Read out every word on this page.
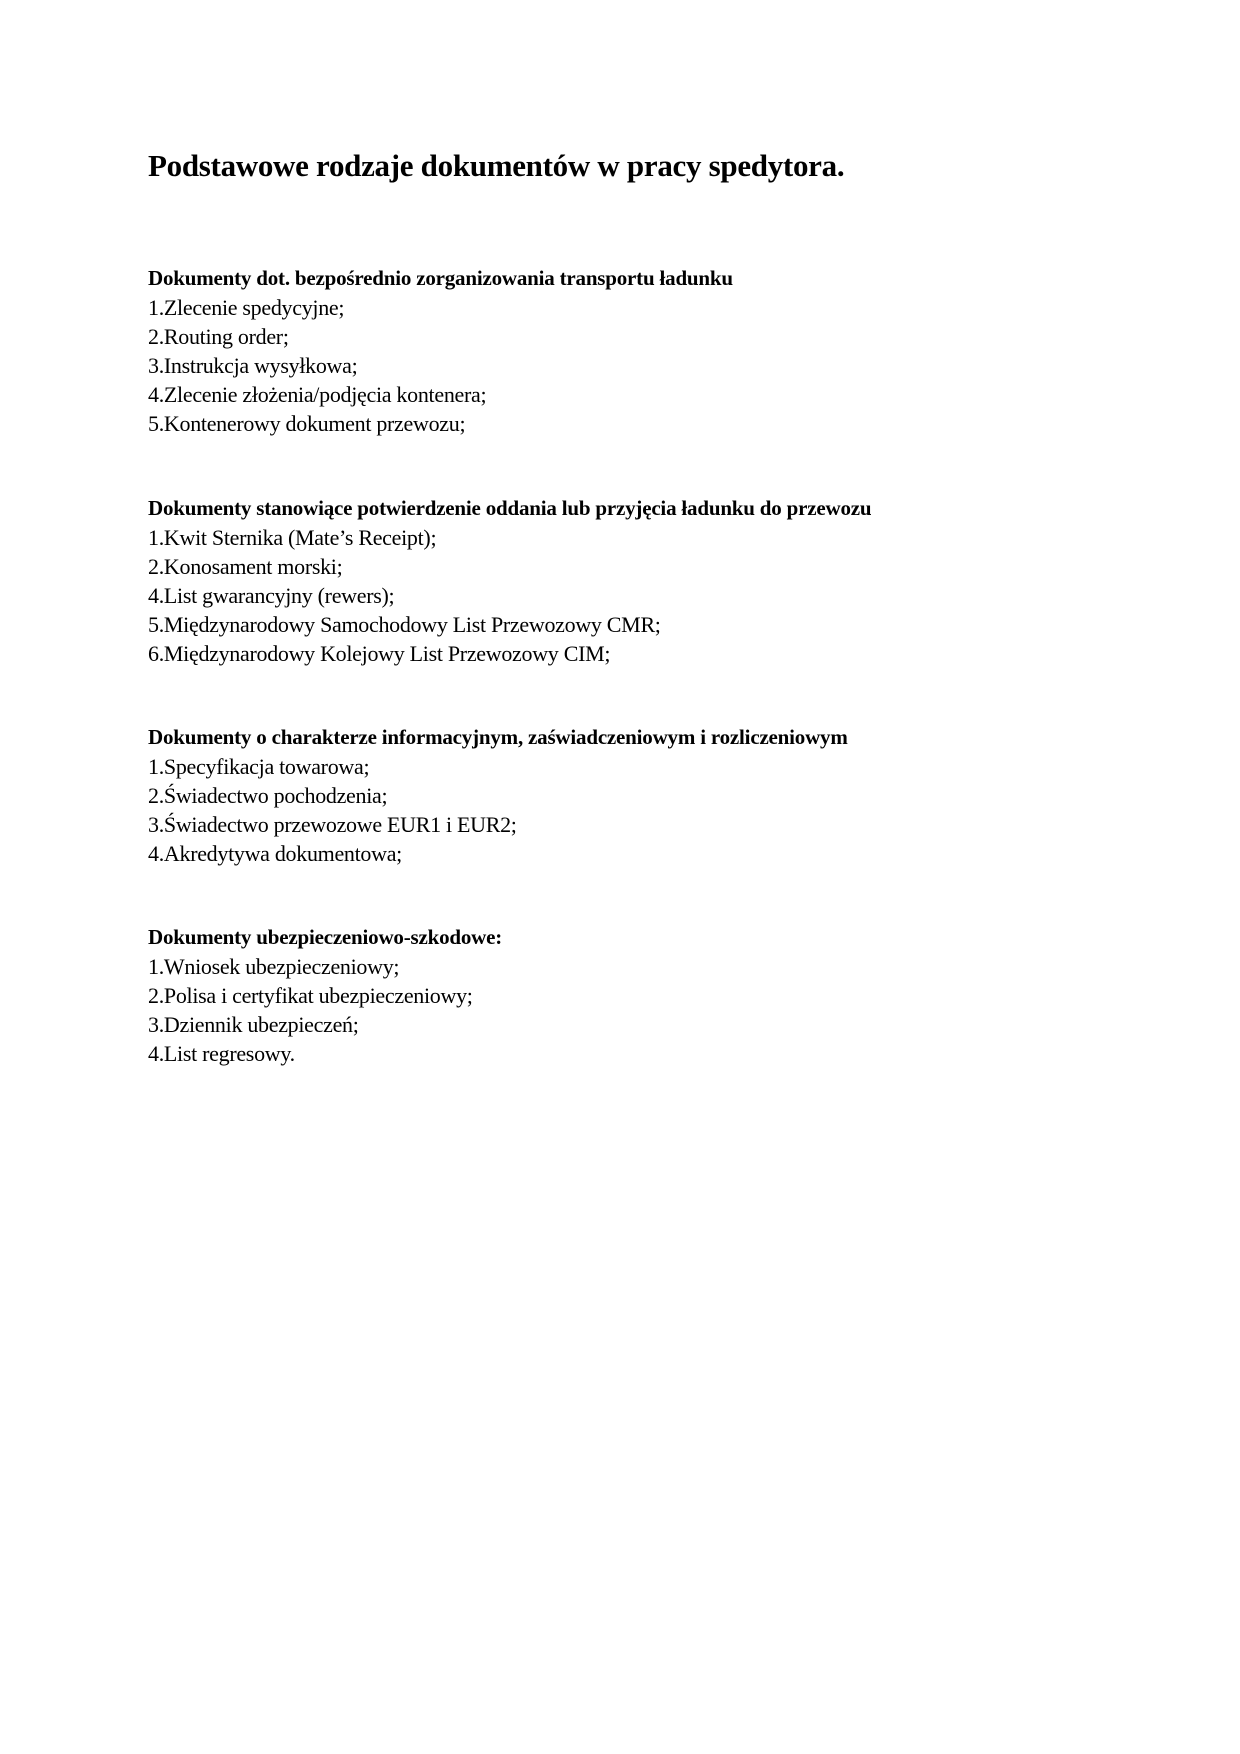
Podstawowe rodzaje dokumentów w pracy spedytora.
Dokumenty dot. bezpośrednio zorganizowania transportu ładunku
1.Zlecenie spedycyjne;
2.Routing order;
3.Instrukcja wysyłkowa;
4.Zlecenie złożenia/podjęcia kontenera;
5.Kontenerowy dokument przewozu;
Dokumenty stanowiące potwierdzenie oddania lub przyjęcia ładunku do przewozu
1.Kwit Sternika (Mate’s Receipt);
2.Konosament morski;
4.List gwarancyjny (rewers);
5.Międzynarodowy Samochodowy List Przewozowy CMR;
6.Międzynarodowy Kolejowy List Przewozowy CIM;
Dokumenty o charakterze informacyjnym, zaświadczeniowym i rozliczeniowym
1.Specyfikacja towarowa;
2.Świadectwo pochodzenia;
3.Świadectwo przewozowe EUR1 i EUR2;
4.Akredytywa dokumentowa;
Dokumenty ubezpieczeniowo-szkodowe:
1.Wniosek ubezpieczeniowy;
2.Polisa i certyfikat ubezpieczeniowy;
3.Dziennik ubezpieczeń;
4.List regresowy.
